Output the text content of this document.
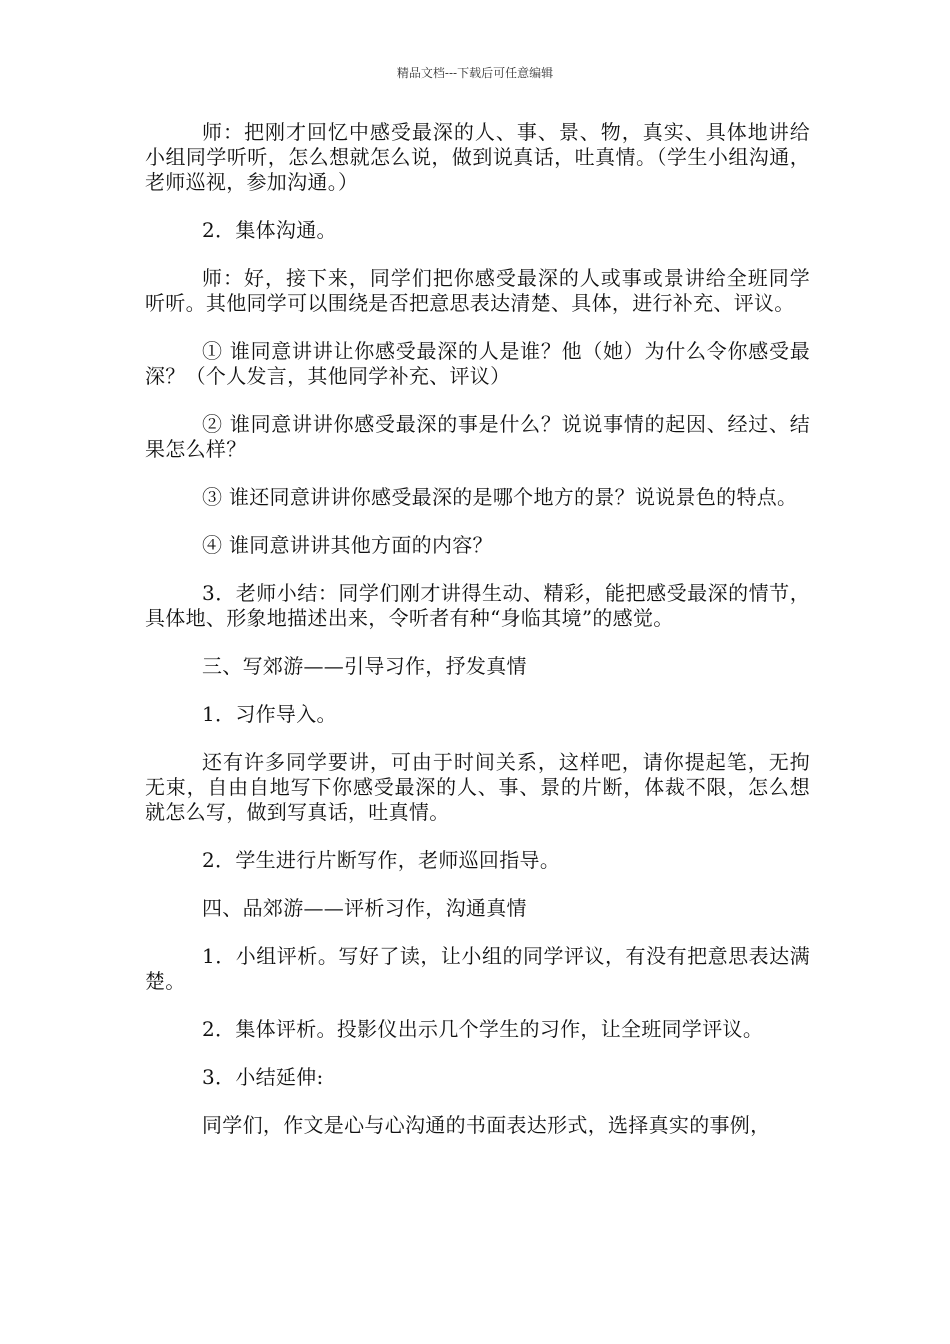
精品文档---下载后可任意编辑

师：把刚才回忆中感受最深的人、事、景、物，真实、具体地讲给小组同学听听，怎么想就怎么说，做到说真话，吐真情。（学生小组沟通，老师巡视，参加沟通。）

2．集体沟通。

师：好，接下来，同学们把你感受最深的人或事或景讲给全班同学听听。其他同学可以围绕是否把意思表达清楚、具体，进行补充、评议。

① 谁同意讲讲让你感受最深的人是谁？他（她）为什么令你感受最深？（个人发言，其他同学补充、评议）

② 谁同意讲讲你感受最深的事是什么？说说事情的起因、经过、结果怎么样？

③ 谁还同意讲讲你感受最深的是哪个地方的景？说说景色的特点。

④ 谁同意讲讲其他方面的内容？

3．老师小结：同学们刚才讲得生动、精彩，能把感受最深的情节，具体地、形象地描述出来，令听者有种“身临其境”的感觉。

三、写郊游——引导习作，抒发真情

1．习作导入。

还有许多同学要讲，可由于时间关系，这样吧，请你提起笔，无拘无束，自由自地写下你感受最深的人、事、景的片断，体裁不限，怎么想就怎么写，做到写真话，吐真情。

2．学生进行片断写作，老师巡回指导。

四、品郊游——评析习作，沟通真情

1．小组评析。写好了读，让小组的同学评议，有没有把意思表达满楚。

2．集体评析。投影仪出示几个学生的习作，让全班同学评议。

3．小结延伸:

同学们，作文是心与心沟通的书面表达形式，选择真实的事例，
